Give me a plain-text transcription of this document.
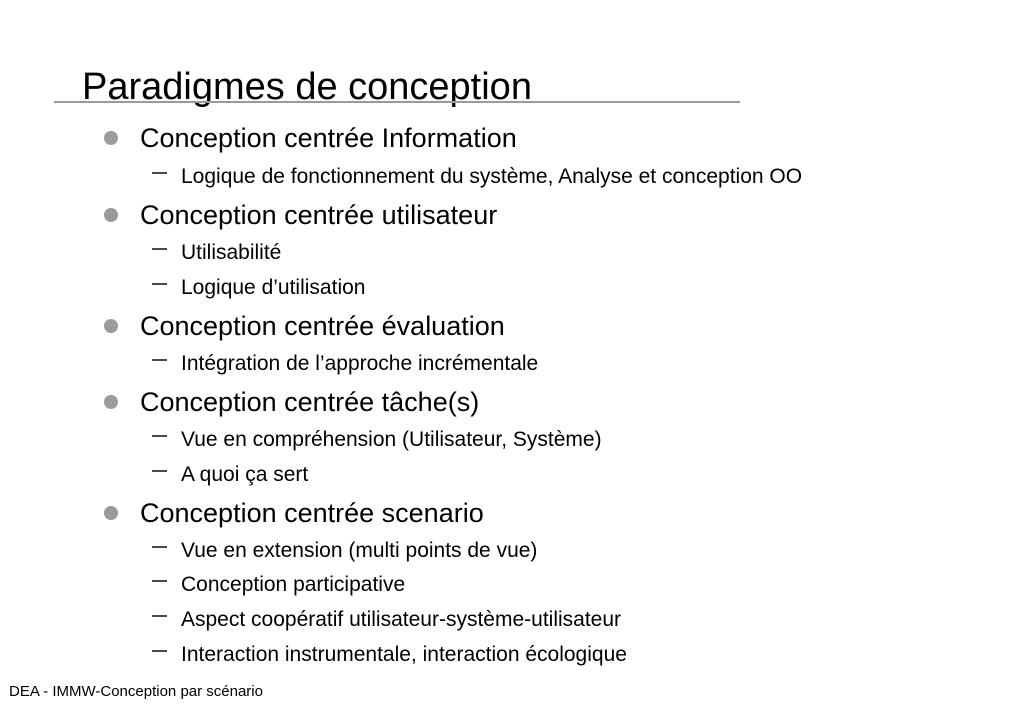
Paradigmes de conception
Conception centrée Information
Logique de fonctionnement du système, Analyse et conception OO
Conception centrée utilisateur
Utilisabilité
Logique d’utilisation
Conception centrée évaluation
Intégration de l’approche incrémentale
Conception centrée tâche(s)
Vue en compréhension (Utilisateur, Système)
A quoi ça sert
Conception centrée scenario
Vue en extension (multi points de vue)
Conception participative
Aspect coopératif utilisateur-système-utilisateur
Interaction instrumentale, interaction écologique
DEA - IMMW-Conception par scénario
